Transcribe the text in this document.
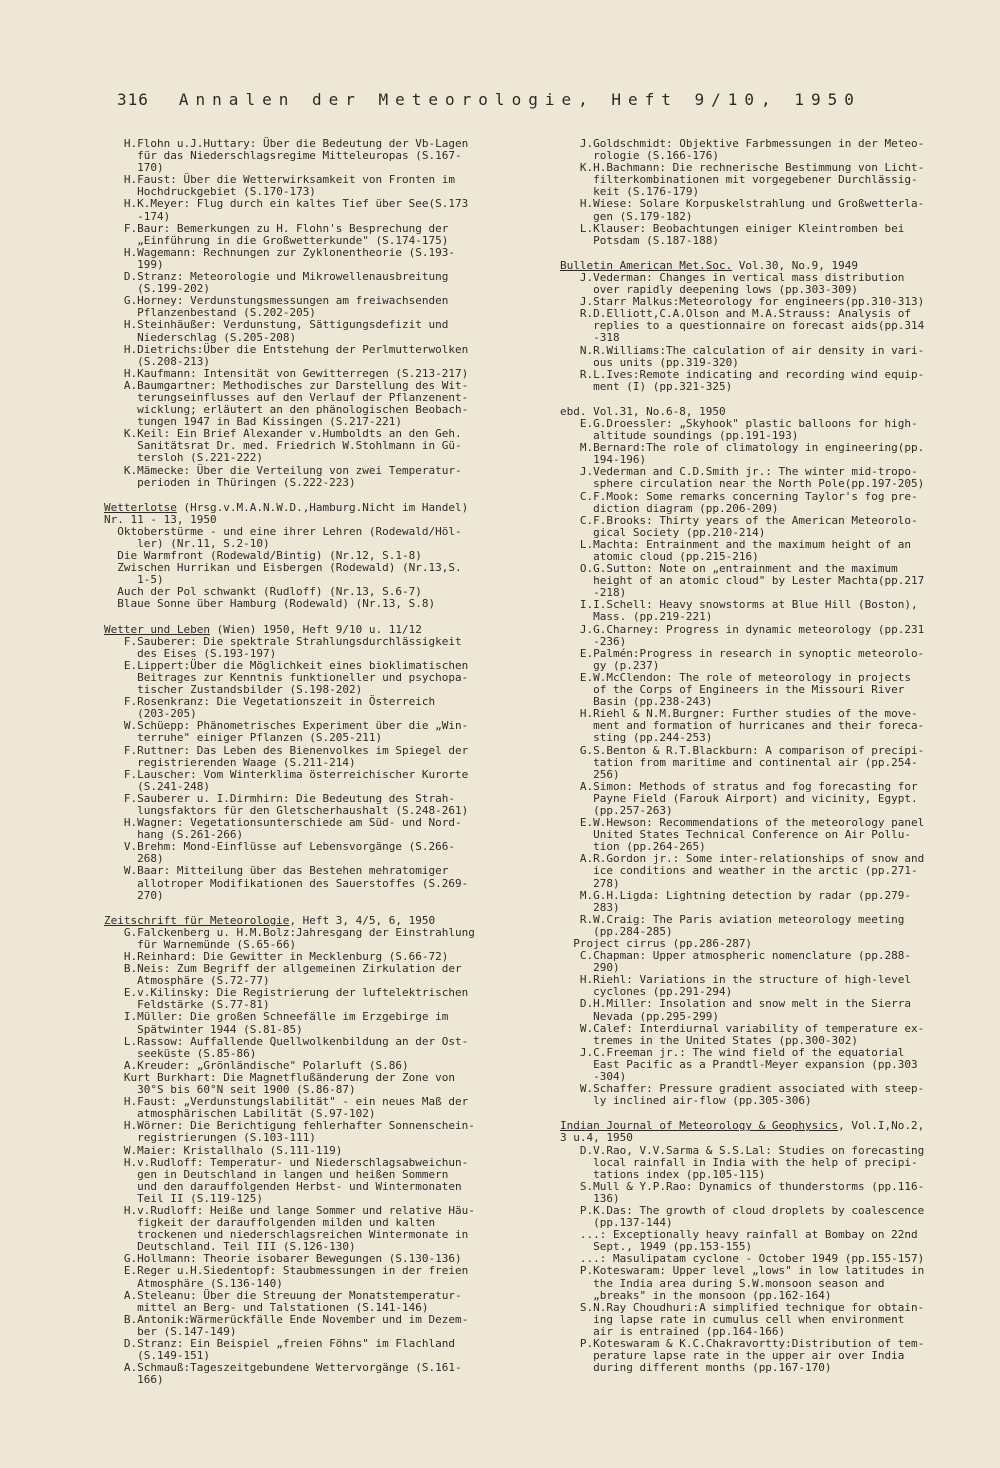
316 Annalen der Meteorologie, Heft 9/10, 1950
H.Flohn u.J.Huttary: Über die Bedeutung der Vb-Lagen
für das Niederschlagsregime Mitteleuropas (S.167-
170)
H.Faust: Über die Wetterwirksamkeit von Fronten im
Hochdruckgebiet (S.170-173)
H.K.Meyer: Flug durch ein kaltes Tief über See(S.173
-174)
F.Baur: Bemerkungen zu H. Flohn's Besprechung der
„Einführung in die Großwetterkunde" (S.174-175)
H.Wagemann: Rechnungen zur Zyklonentheorie (S.193-
199)
D.Stranz: Meteorologie und Mikrowellenausbreitung
(S.199-202)
G.Horney: Verdunstungsmessungen am freiwachsenden
Pflanzenbestand (S.202-205)
H.Steinhäußer: Verdunstung, Sättigungsdefizit und
Niederschlag (S.205-208)
H.Dietrichs:Über die Entstehung der Perlmutterwolken
(S.208-213)
H.Kaufmann: Intensität von Gewitterregen (S.213-217)
A.Baumgartner: Methodisches zur Darstellung des Wit-
terungseinflusses auf den Verlauf der Pflanzenent-
wicklung; erläutert an den phänologischen Beobach-
tungen 1947 in Bad Kissingen (S.217-221)
K.Keil: Ein Brief Alexander v.Humboldts an den Geh.
Sanitätsrat Dr. med. Friedrich W.Stohlmann in Gü-
tersloh (S.221-222)
K.Mämecke: Über die Verteilung von zwei Temperatur-
perioden in Thüringen (S.222-223)
Wetterlotse (Hrsg.v.M.A.N.W.D.,Hamburg.Nicht im Handel)
Nr. 11 - 13, 1950
Oktoberstürme - und eine ihrer Lehren (Rodewald/Höl-
ler) (Nr.11, S.2-10)
Die Warmfront (Rodewald/Bintig) (Nr.12, S.1-8)
Zwischen Hurrikan und Eisbergen (Rodewald) (Nr.13,S.
1-5)
Auch der Pol schwankt (Rudloff) (Nr.13, S.6-7)
Blaue Sonne über Hamburg (Rodewald) (Nr.13, S.8)
Wetter und Leben (Wien) 1950, Heft 9/10 u. 11/12
F.Sauberer: Die spektrale Strahlungsdurchlässigkeit
des Eises (S.193-197)
E.Lippert:Über die Möglichkeit eines bioklimatischen
Beitrages zur Kenntnis funktioneller und psychopa-
tischer Zustandsbilder (S.198-202)
F.Rosenkranz: Die Vegetationszeit in Österreich
(203-205)
W.Schüepp: Phänometrisches Experiment über die „Win-
terruhe" einiger Pflanzen (S.205-211)
F.Ruttner: Das Leben des Bienenvolkes im Spiegel der
registrierenden Waage (S.211-214)
F.Lauscher: Vom Winterklima österreichischer Kurorte
(S.241-248)
F.Sauberer u. I.Dirmhirn: Die Bedeutung des Strah-
lungsfaktors für den Gletscherhaushalt (S.248-261)
H.Wagner: Vegetationsunterschiede am Süd- und Nord-
hang (S.261-266)
V.Brehm: Mond-Einflüsse auf Lebensvorgänge (S.266-
268)
W.Baar: Mitteilung über das Bestehen mehratomiger
allotroper Modifikationen des Sauerstoffes (S.269-
270)
Zeitschrift für Meteorologie, Heft 3, 4/5, 6, 1950
G.Falckenberg u. H.M.Bolz:Jahresgang der Einstrahlung
für Warnemünde (S.65-66)
H.Reinhard: Die Gewitter in Mecklenburg (S.66-72)
B.Neis: Zum Begriff der allgemeinen Zirkulation der
Atmosphäre (S.72-77)
E.v.Kilinsky: Die Registrierung der luftelektrischen
Feldstärke (S.77-81)
I.Müller: Die großen Schneefälle im Erzgebirge im
Spätwinter 1944 (S.81-85)
L.Rassow: Auffallende Quellwolkenbildung an der Ost-
seeküste (S.85-86)
A.Kreuder: „Grönländische" Polarluft (S.86)
Kurt Burkhart: Die Magnetflußänderung der Zone von
30°S bis 60°N seit 1900 (S.86-87)
H.Faust: „Verdunstungslabilität" - ein neues Maß der
atmosphärischen Labilität (S.97-102)
H.Wörner: Die Berichtigung fehlerhafter Sonnenschein-
registrierungen (S.103-111)
W.Maier: Kristallhalo (S.111-119)
H.v.Rudloff: Temperatur- und Niederschlagsabweichun-
gen in Deutschland in langen und heißen Sommern
und den darauffolgenden Herbst- und Wintermonaten
Teil II (S.119-125)
H.v.Rudloff: Heiße und lange Sommer und relative Häu-
figkeit der darauffolgenden milden und kalten
trockenen und niederschlagsreichen Wintermonate in
Deutschland. Teil III (S.126-130)
G.Hollmann: Theorie isobarer Bewegungen (S.130-136)
E.Reger u.H.Siedentopf: Staubmessungen in der freien
Atmosphäre (S.136-140)
A.Steleanu: Über die Streuung der Monatstemperatur-
mittel an Berg- und Talstationen (S.141-146)
B.Antonik:Wärmerückfälle Ende November und im Dezem-
ber (S.147-149)
D.Stranz: Ein Beispiel „freien Föhns" im Flachland
(S.149-151)
A.Schmauß:Tageszeitgebundene Wettervorgänge (S.161-
166)
J.Goldschmidt: Objektive Farbmessungen in der Meteo-
rologie (S.166-176)
K.H.Bachmann: Die rechnerische Bestimmung von Licht-
filterkombinationen mit vorgegebener Durchlässig-
keit (S.176-179)
H.Wiese: Solare Korpuskelstrahlung und Großwetterla-
gen (S.179-182)
L.Klauser: Beobachtungen einiger Kleintromben bei
Potsdam (S.187-188)
Bulletin American Met.Soc. Vol.30, No.9, 1949
J.Vederman: Changes in vertical mass distribution
over rapidly deepening lows (pp.303-309)
J.Starr Malkus:Meteorology for engineers(pp.310-313)
R.D.Elliott,C.A.Olson and M.A.Strauss: Analysis of
replies to a questionnaire on forecast aids(pp.314
-318
N.R.Williams:The calculation of air density in vari-
ous units (pp.319-320)
R.L.Ives:Remote indicating and recording wind equip-
ment (I) (pp.321-325)
ebd. Vol.31, No.6-8, 1950
E.G.Droessler: „Skyhook" plastic balloons for high-
altitude soundings (pp.191-193)
M.Bernard:The role of climatology in engineering(pp.
194-196)
J.Vederman and C.D.Smith jr.: The winter mid-tropo-
sphere circulation near the North Pole(pp.197-205)
C.F.Mook: Some remarks concerning Taylor's fog pre-
diction diagram (pp.206-209)
C.F.Brooks: Thirty years of the American Meteorolo-
gical Society (pp.210-214)
L.Machta: Entrainment and the maximum height of an
atomic cloud (pp.215-216)
O.G.Sutton: Note on „entrainment and the maximum
height of an atomic cloud" by Lester Machta(pp.217
-218)
I.I.Schell: Heavy snowstorms at Blue Hill (Boston),
Mass. (pp.219-221)
J.G.Charney: Progress in dynamic meteorology (pp.231
-236)
E.Palmén:Progress in research in synoptic meteorolo-
gy (p.237)
E.W.McClendon: The role of meteorology in projects
of the Corps of Engineers in the Missouri River
Basin (pp.238-243)
H.Riehl & N.M.Burgner: Further studies of the move-
ment and formation of hurricanes and their foreca-
sting (pp.244-253)
G.S.Benton & R.T.Blackburn: A comparison of precipi-
tation from maritime and continental air (pp.254-
256)
A.Simon: Methods of stratus and fog forecasting for
Payne Field (Farouk Airport) and vicinity, Egypt.
(pp.257-263)
E.W.Hewson: Recommendations of the meteorology panel
United States Technical Conference on Air Pollu-
tion (pp.264-265)
A.R.Gordon jr.: Some inter-relationships of snow and
ice conditions and weather in the arctic (pp.271-
278)
M.G.H.Ligda: Lightning detection by radar (pp.279-
283)
R.W.Craig: The Paris aviation meteorology meeting
(pp.284-285)
Project cirrus (pp.286-287)
C.Chapman: Upper atmospheric nomenclature (pp.288-
290)
H.Riehl: Variations in the structure of high-level
cyclones (pp.291-294)
D.H.Miller: Insolation and snow melt in the Sierra
Nevada (pp.295-299)
W.Calef: Interdiurnal variability of temperature ex-
tremes in the United States (pp.300-302)
J.C.Freeman jr.: The wind field of the equatorial
East Pacific as a Prandtl-Meyer expansion (pp.303
-304)
W.Schaffer: Pressure gradient associated with steep-
ly inclined air-flow (pp.305-306)
Indian Journal of Meteorology & Geophysics, Vol.I,No.2,
3 u.4, 1950
D.V.Rao, V.V.Sarma & S.S.Lal: Studies on forecasting
local rainfall in India with the help of precipi-
tations index (pp.105-115)
S.Mull & Y.P.Rao: Dynamics of thunderstorms (pp.116-
136)
P.K.Das: The growth of cloud droplets by coalescence
(pp.137-144)
...: Exceptionally heavy rainfall at Bombay on 22nd
Sept., 1949 (pp.153-155)
...: Masulipatam cyclone - October 1949 (pp.155-157)
P.Koteswaram: Upper level „lows" in low latitudes in
the India area during S.W.monsoon season and
„breaks" in the monsoon (pp.162-164)
S.N.Ray Choudhuri:A simplified technique for obtain-
ing lapse rate in cumulus cell when environment
air is entrained (pp.164-166)
P.Koteswaram & K.C.Chakravortty:Distribution of tem-
perature lapse rate in the upper air over India
during different months (pp.167-170)
